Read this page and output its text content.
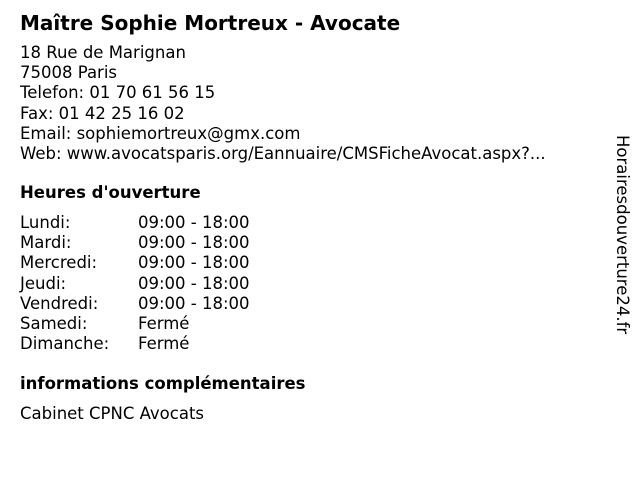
Maître Sophie Mortreux - Avocate
18 Rue de Marignan
75008 Paris
Telefon: 01 70 61 56 15
Fax: 01 42 25 16 02
Email: sophiemortreux@gmx.com
Web: www.avocatsparis.org/Eannuaire/CMSFicheAvocat.aspx?...
Heures d'ouverture
Lundi:	09:00 - 18:00
Mardi:	09:00 - 18:00
Mercredi: 09:00 - 18:00
Jeudi:	09:00 - 18:00
Vendredi: 09:00 - 18:00
Samedi:	Fermé
Dimanche: Fermé
informations complémentaires
Cabinet CPNC Avocats
Horairesdouverture24.fr
